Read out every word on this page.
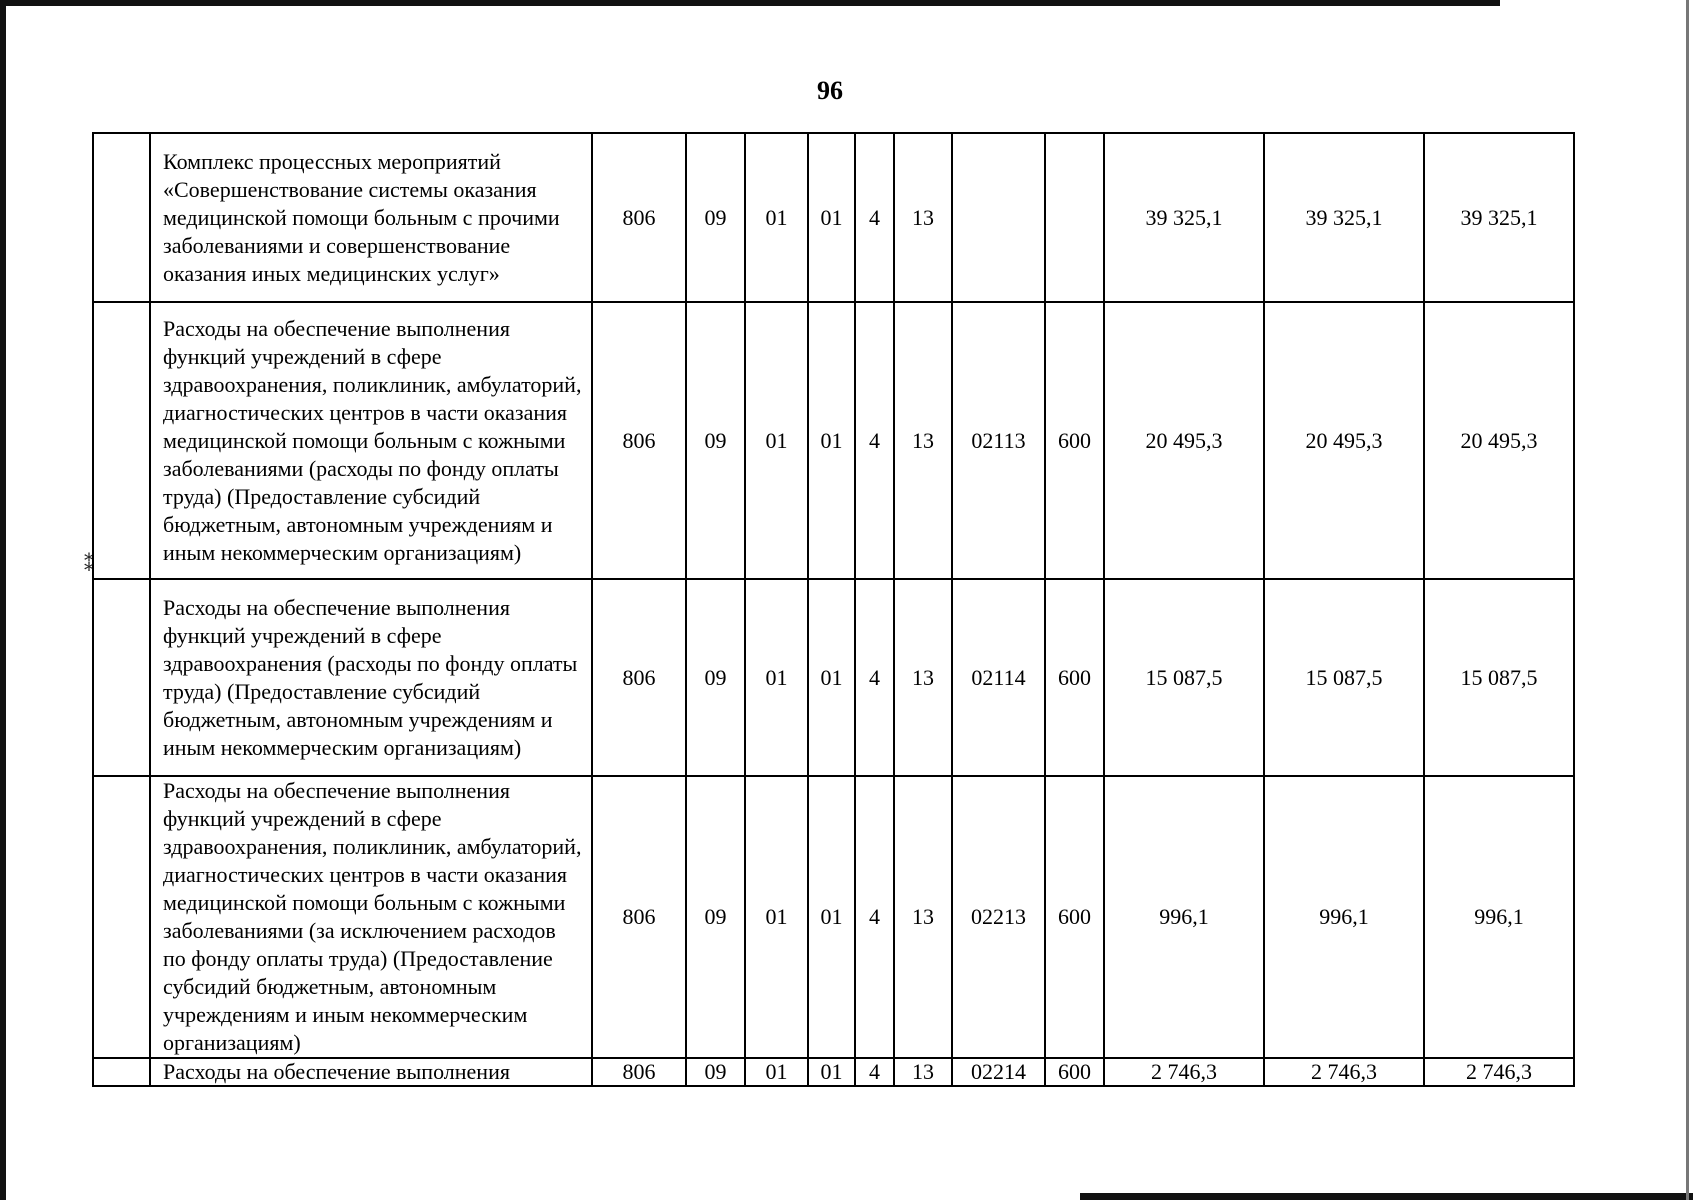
⁑
96
	Комплекс процессных мероприятий «Совершенствование системы оказания медицинской помощи больным с прочими заболеваниями и совершенствование оказания иных медицинских услуг»	806	09	01	01	4	13			39 325,1	39 325,1	39 325,1
	Расходы на обеспечение выполнения функций учреждений в сфере здравоохранения, поликлиник, амбулаторий, диагностических центров в части оказания медицинской помощи больным с кожными заболеваниями (расходы по фонду оплаты труда) (Предоставление субсидий бюджетным, автономным учреждениям и иным некоммерческим организациям)	806	09	01	01	4	13	02113	600	20 495,3	20 495,3	20 495,3
	Расходы на обеспечение выполнения функций учреждений в сфере здравоохранения (расходы по фонду оплаты труда) (Предоставление субсидий бюджетным, автономным учреждениям и иным некоммерческим организациям)	806	09	01	01	4	13	02114	600	15 087,5	15 087,5	15 087,5
	Расходы на обеспечение выполнения функций учреждений в сфере здравоохранения, поликлиник, амбулаторий, диагностических центров в части оказания медицинской помощи больным с кожными заболеваниями (за исключением расходов по фонду оплаты труда) (Предоставление субсидий бюджетным, автономным учреждениям и иным некоммерческим организациям)	806	09	01	01	4	13	02213	600	996,1	996,1	996,1
	Расходы на обеспечение выполнения	806	09	01	01	4	13	02214	600	2 746,3	2 746,3	2 746,3
